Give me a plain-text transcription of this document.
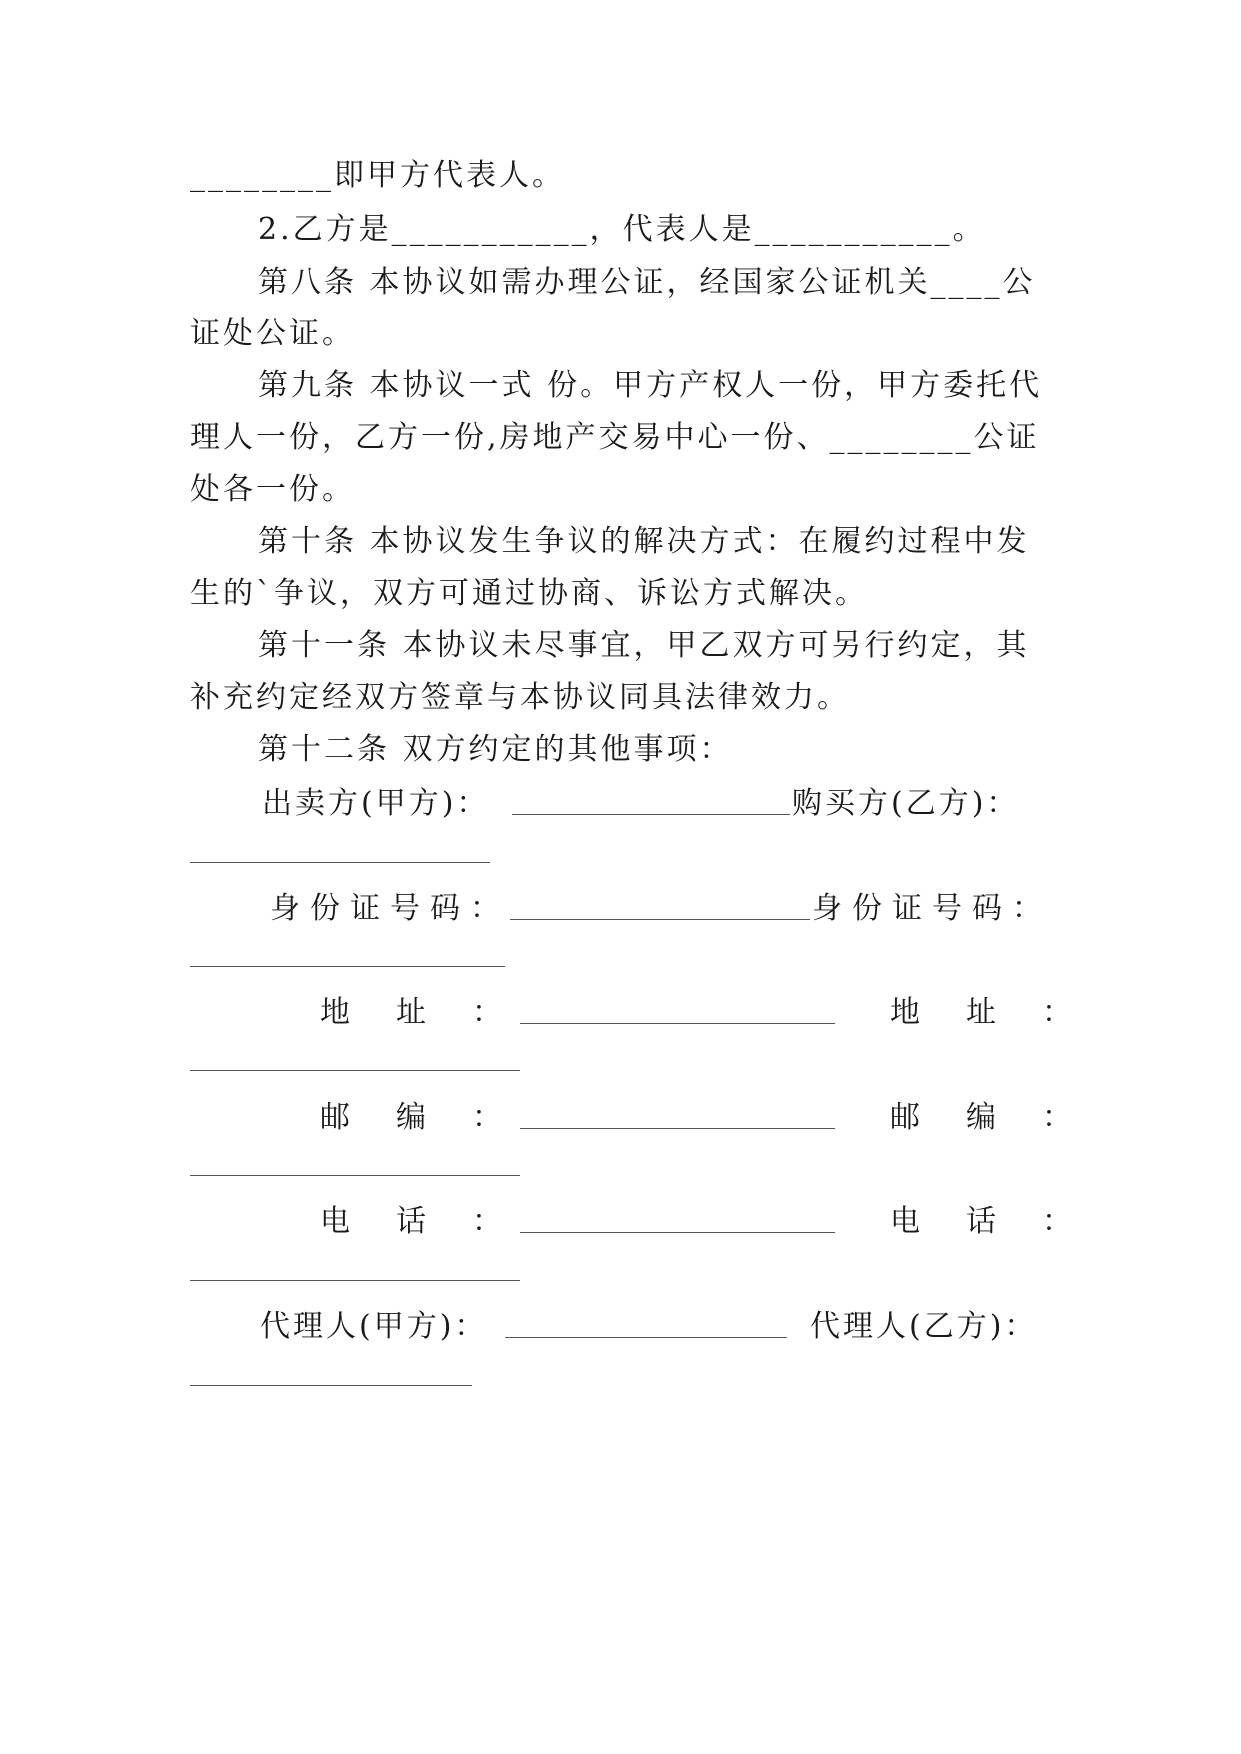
________即甲方代表人。
2.乙方是___________，代表人是___________。
第八条 本协议如需办理公证，经国家公证机关____公
证处公证。
第九条 本协议一式 份。甲方产权人一份，甲方委托代
理人一份，乙方一份,房地产交易中心一份、________公证
处各一份。
第十条 本协议发生争议的解决方式：在履约过程中发
生的`争议，双方可通过协商、诉讼方式解决。
第十一条 本协议未尽事宜，甲乙双方可另行约定，其
补充约定经双方签章与本协议同具法律效力。
第十二条 双方约定的其他事项：
出卖方(甲方)：	购买方(乙方)：
身份证号码：	身份证号码：
地　址　：	地　址　：
邮　编　：	邮　编　：
电　话　：	电　话　：
代理人(甲方)：	代理人(乙方)：
